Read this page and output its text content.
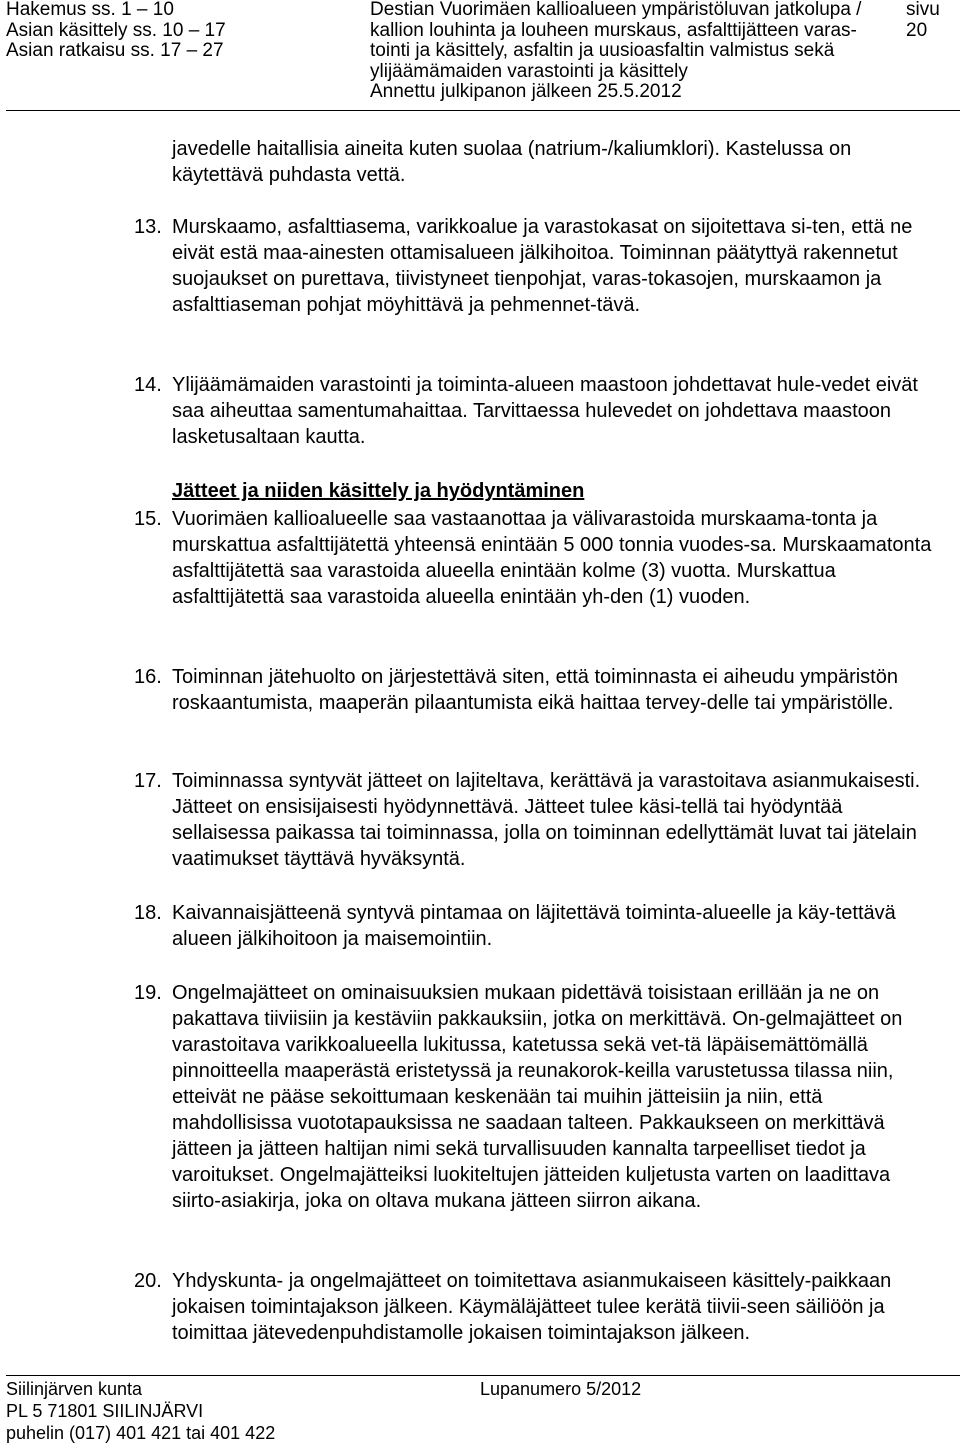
Hakemus ss. 1 – 10
Asian käsittely ss. 10 – 17
Asian ratkaisu ss. 17 – 27
Destian Vuorimäen kallioalueen ympäristöluvan jatkolupa /
kallion louhinta ja louheen murskaus, asfalttijätteen varas-
tointi ja käsittely, asfaltin ja uusioasfaltin valmistus sekä
ylijäämämaiden varastointi ja käsittely
Annettu julkipanon jälkeen 25.5.2012
sivu 20
javedelle haitallisia aineita kuten suolaa (natrium-/kaliumklori). Kastelussa on käytettävä puhdasta vettä.
13. Murskaamo, asfalttiasema, varikkoalue ja varastokasat on sijoitettava si-ten, että ne eivät estä maa-ainesten ottamisalueen jälkihoitoa. Toiminnan päätyttyä rakennetut suojaukset on purettava, tiivistyneet tienpohjat, varas-tokasojen, murskaamon ja asfalttiaseman pohjat möyhittävä ja pehmennet-tävä.
14. Ylijäämämaiden varastointi ja toiminta-alueen maastoon johdettavat hule-vedet eivät saa aiheuttaa samentumahaittaa. Tarvittaessa hulevedet on johdettava maastoon lasketusaltaan kautta.
Jätteet ja niiden käsittely ja hyödyntäminen
15. Vuorimäen kallioalueelle saa vastaanottaa ja välivarastoida murskaama-tonta ja murskattua asfalttijätettä yhteensä enintään 5 000 tonnia vuodes-sa. Murskaamatonta asfalttijätettä saa varastoida alueella enintään kolme (3) vuotta. Murskattua asfalttijätettä saa varastoida alueella enintään yh-den (1) vuoden.
16. Toiminnan jätehuolto on järjestettävä siten, että toiminnasta ei aiheudu ympäristön roskaantumista, maaperän pilaantumista eikä haittaa tervey-delle tai ympäristölle.
17. Toiminnassa syntyvät jätteet on lajiteltava, kerättävä ja varastoitava asianmukaisesti. Jätteet on ensisijaisesti hyödynnettävä. Jätteet tulee käsi-tellä tai hyödyntää sellaisessa paikassa tai toiminnassa, jolla on toiminnan edellyttämät luvat tai jätelain vaatimukset täyttävä hyväksyntä.
18. Kaivannaisjätteenä syntyvä pintamaa on läjitettävä toiminta-alueelle ja käy-tettävä alueen jälkihoitoon ja maisemointiin.
19. Ongelmajätteet on ominaisuuksien mukaan pidettävä toisistaan erillään ja ne on pakattava tiiviisiin ja kestäviin pakkauksiin, jotka on merkittävä. On-gelmajätteet on varastoitava varikkoalueella lukitussa, katetussa sekä vet-tä läpäisemättömällä pinnoitteella maaperästä eristetyssä ja reunakorok-keilla varustetussa tilassa niin, etteivät ne pääse sekoittumaan keskenään tai muihin jätteisiin ja niin, että mahdollisissa vuototapauksissa ne saadaan talteen. Pakkaukseen on merkittävä jätteen ja jätteen haltijan nimi sekä turvallisuuden kannalta tarpeelliset tiedot ja varoitukset. Ongelmajätteiksi luokiteltujen jätteiden kuljetusta varten on laadittava siirto-asiakirja, joka on oltava mukana jätteen siirron aikana.
20. Yhdyskunta- ja ongelmajätteet on toimitettava asianmukaiseen käsittely-paikkaan jokaisen toimintajakson jälkeen. Käymäläjätteet tulee kerätä tiivii-seen säiliöön ja toimittaa jätevedenpuhdistamolle jokaisen toimintajakson jälkeen.
Siilinjärven kunta
PL 5 71801 SIILINJÄRVI
puhelin (017) 401 421 tai 401 422
Lupanumero 5/2012
